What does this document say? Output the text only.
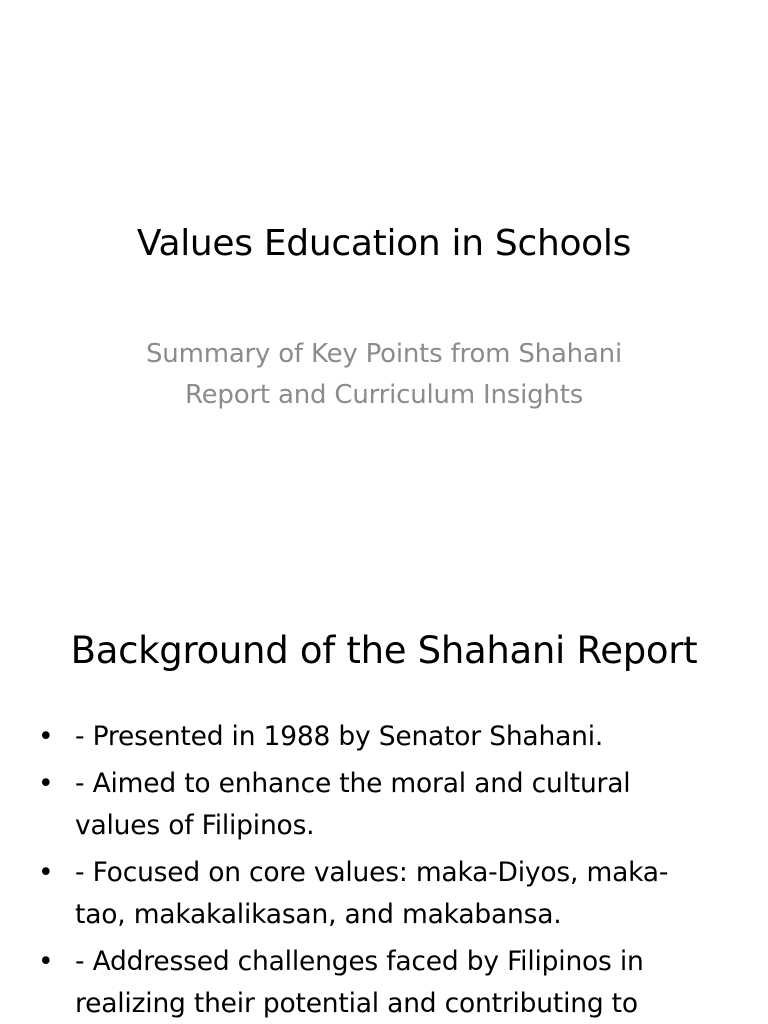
Values Education in Schools
Summary of Key Points from Shahani
Report and Curriculum Insights
Background of the Shahani Report
• - Presented in 1988 by Senator Shahani.
• - Aimed to enhance the moral and cultural values of Filipinos.
• - Focused on core values: maka-Diyos, maka-tao, makakalikasan, and makabansa.
• - Addressed challenges faced by Filipinos in realizing their potential and contributing to
